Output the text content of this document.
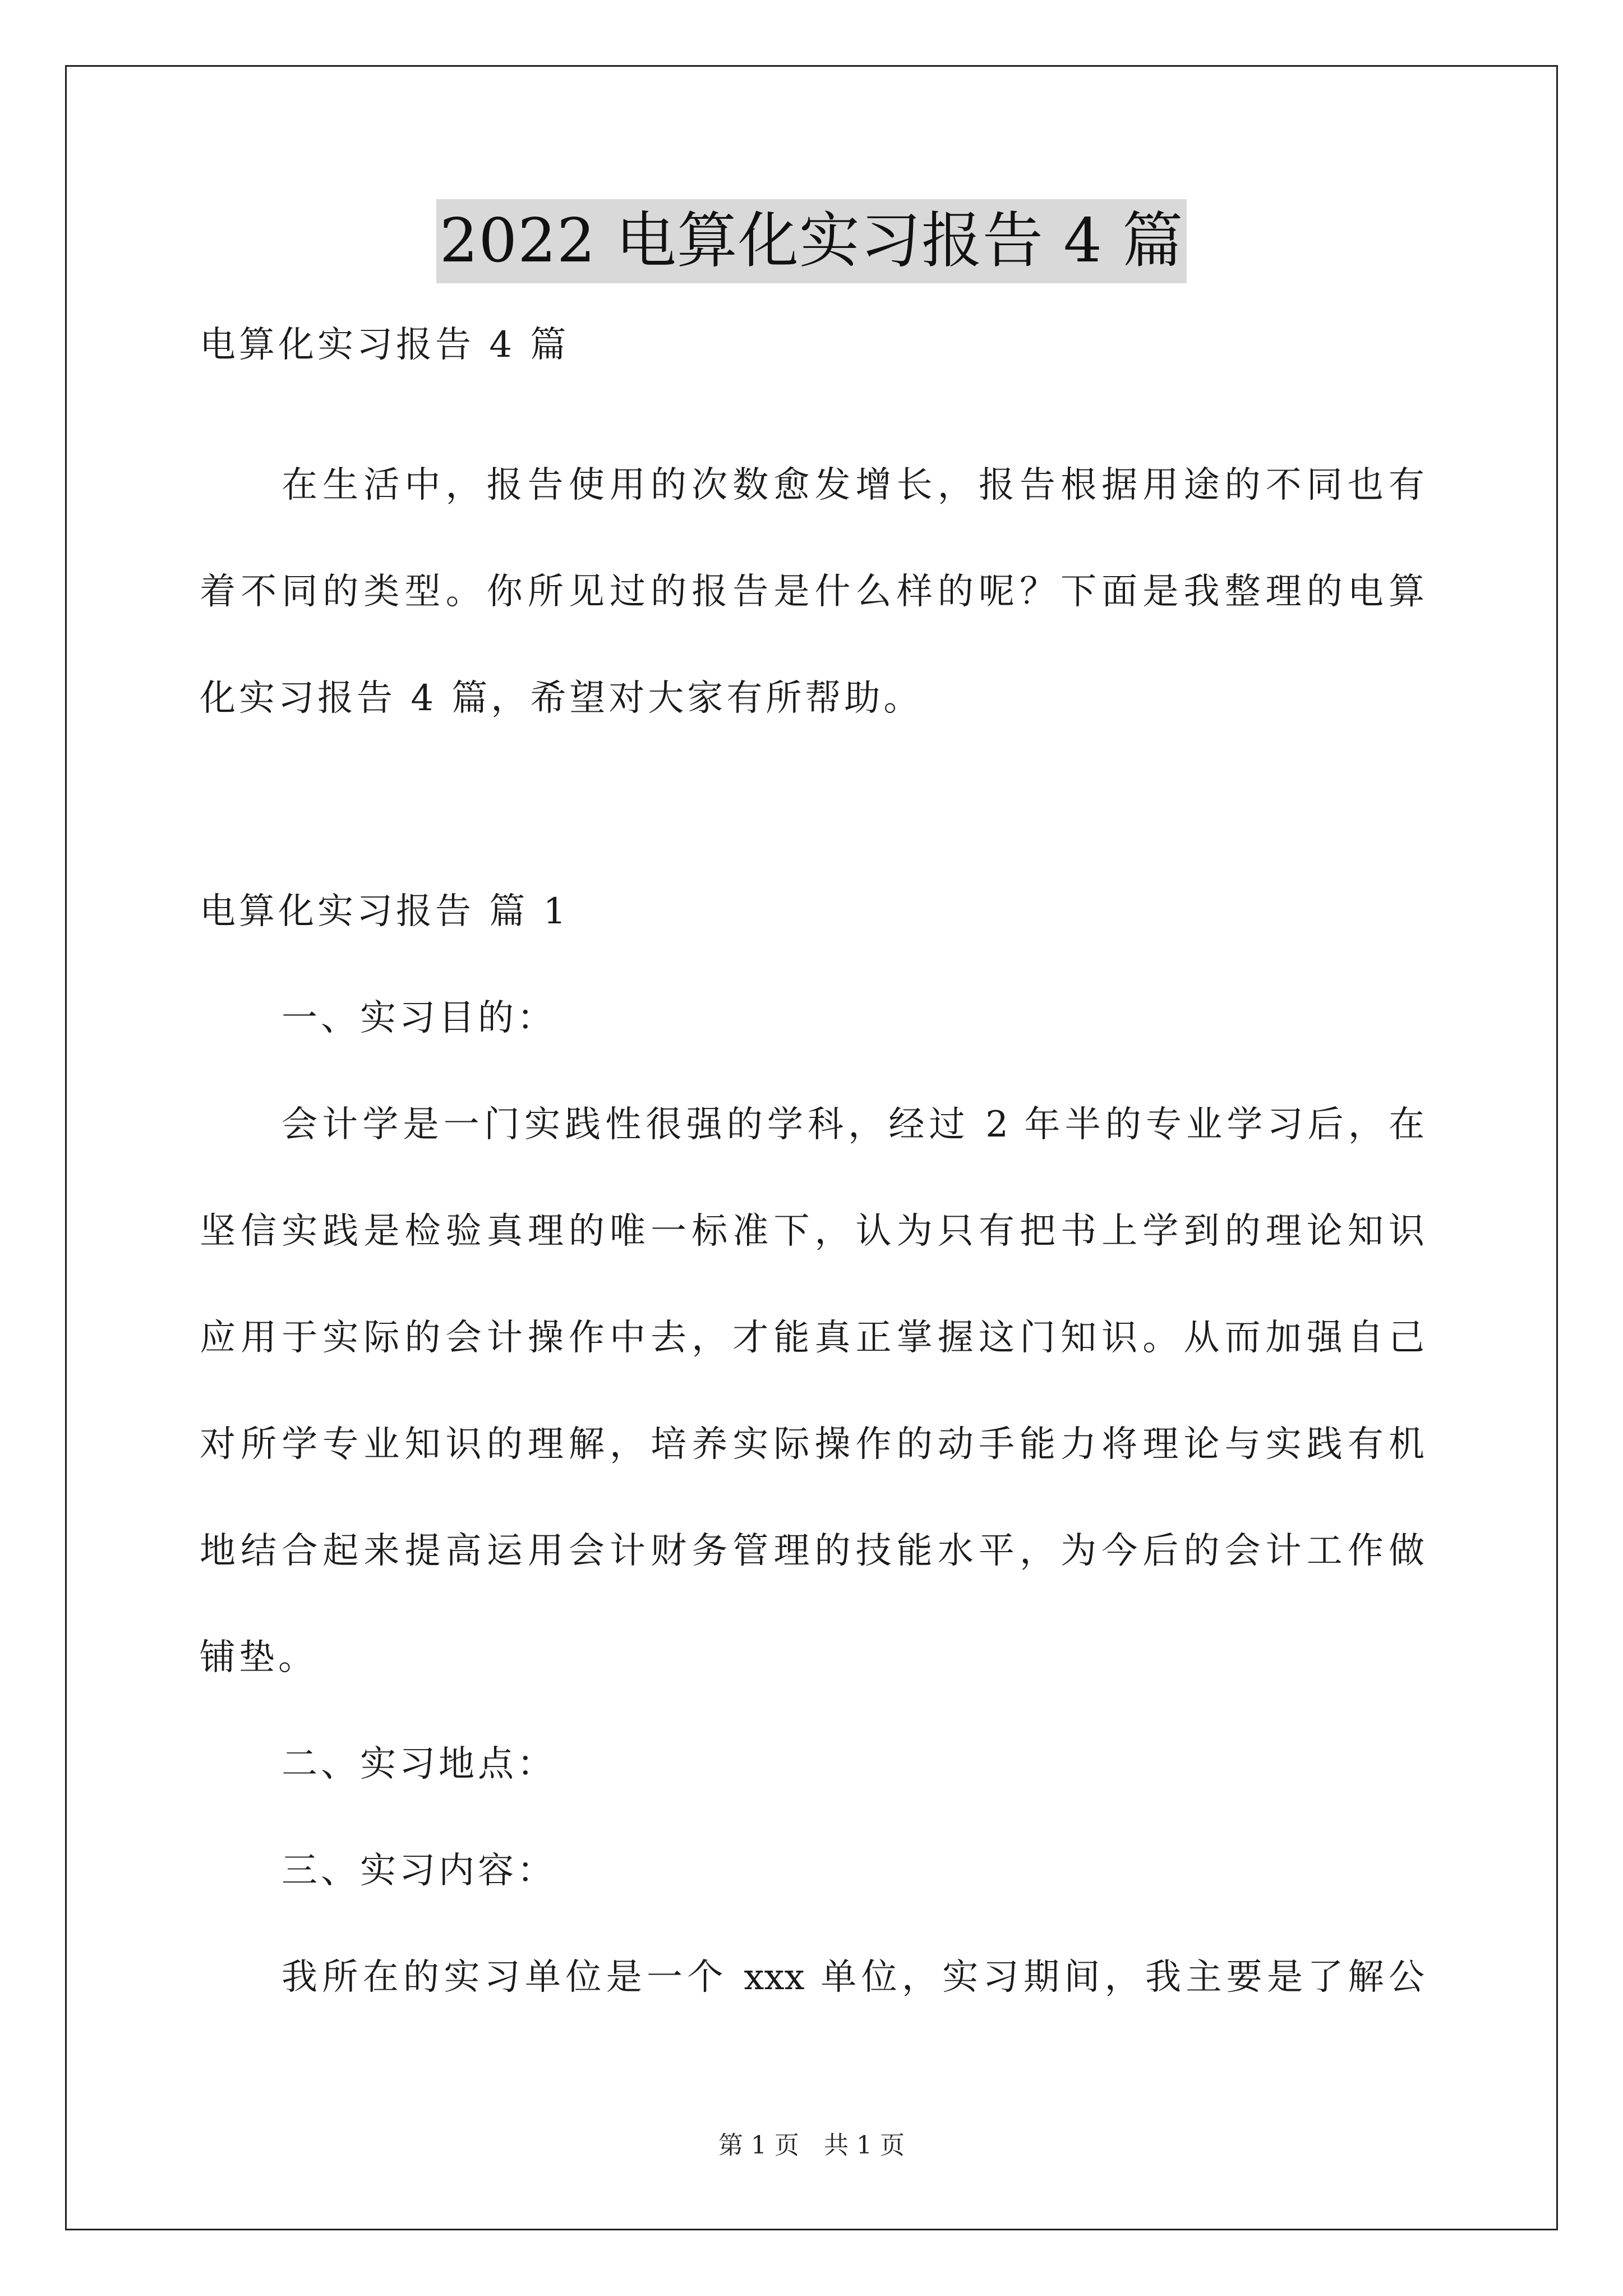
2022 电算化实习报告 4 篇
电算化实习报告 4 篇
在生活中，报告使用的次数愈发增长，报告根据用途的不同也有
着不同的类型。你所见过的报告是什么样的呢？下面是我整理的电算
化实习报告 4 篇，希望对大家有所帮助。
电算化实习报告 篇 1
一、实习目的：
会计学是一门实践性很强的学科，经过 2 年半的专业学习后，在
坚信实践是检验真理的唯一标准下，认为只有把书上学到的理论知识
应用于实际的会计操作中去，才能真正掌握这门知识。从而加强自己
对所学专业知识的理解，培养实际操作的动手能力将理论与实践有机
地结合起来提高运用会计财务管理的技能水平，为今后的会计工作做
铺垫。
二、实习地点：
三、实习内容：
我所在的实习单位是一个 xxx 单位，实习期间，我主要是了解公
第 1 页　共 1 页
